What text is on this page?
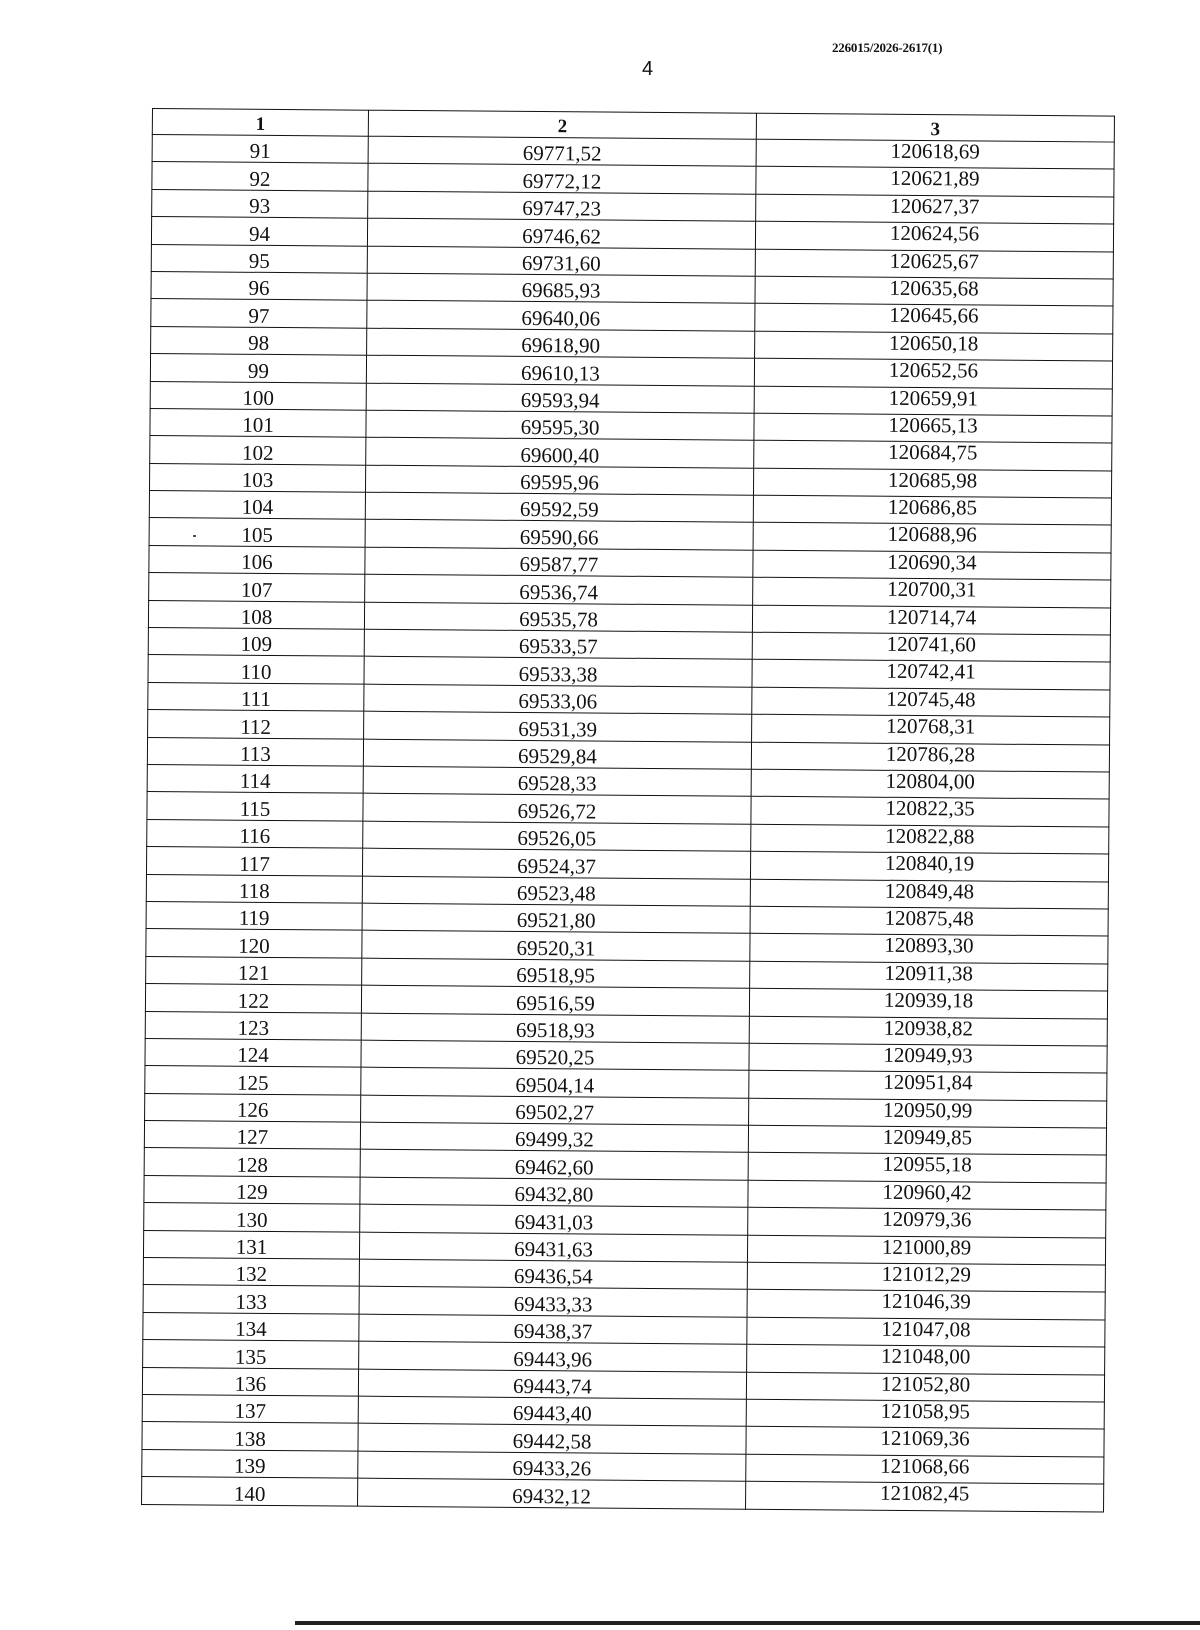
226015/2026-2617(1)
4
1	2	3
91	69771,52	120618,69
92	69772,12	120621,89
93	69747,23	120627,37
94	69746,62	120624,56
95	69731,60	120625,67
96	69685,93	120635,68
97	69640,06	120645,66
98	69618,90	120650,18
99	69610,13	120652,56
100	69593,94	120659,91
101	69595,30	120665,13
102	69600,40	120684,75
103	69595,96	120685,98
104	69592,59	120686,85
105	69590,66	120688,96
106	69587,77	120690,34
107	69536,74	120700,31
108	69535,78	120714,74
109	69533,57	120741,60
110	69533,38	120742,41
111	69533,06	120745,48
112	69531,39	120768,31
113	69529,84	120786,28
114	69528,33	120804,00
115	69526,72	120822,35
116	69526,05	120822,88
117	69524,37	120840,19
118	69523,48	120849,48
119	69521,80	120875,48
120	69520,31	120893,30
121	69518,95	120911,38
122	69516,59	120939,18
123	69518,93	120938,82
124	69520,25	120949,93
125	69504,14	120951,84
126	69502,27	120950,99
127	69499,32	120949,85
128	69462,60	120955,18
129	69432,80	120960,42
130	69431,03	120979,36
131	69431,63	121000,89
132	69436,54	121012,29
133	69433,33	121046,39
134	69438,37	121047,08
135	69443,96	121048,00
136	69443,74	121052,80
137	69443,40	121058,95
138	69442,58	121069,36
139	69433,26	121068,66
140	69432,12	121082,45
